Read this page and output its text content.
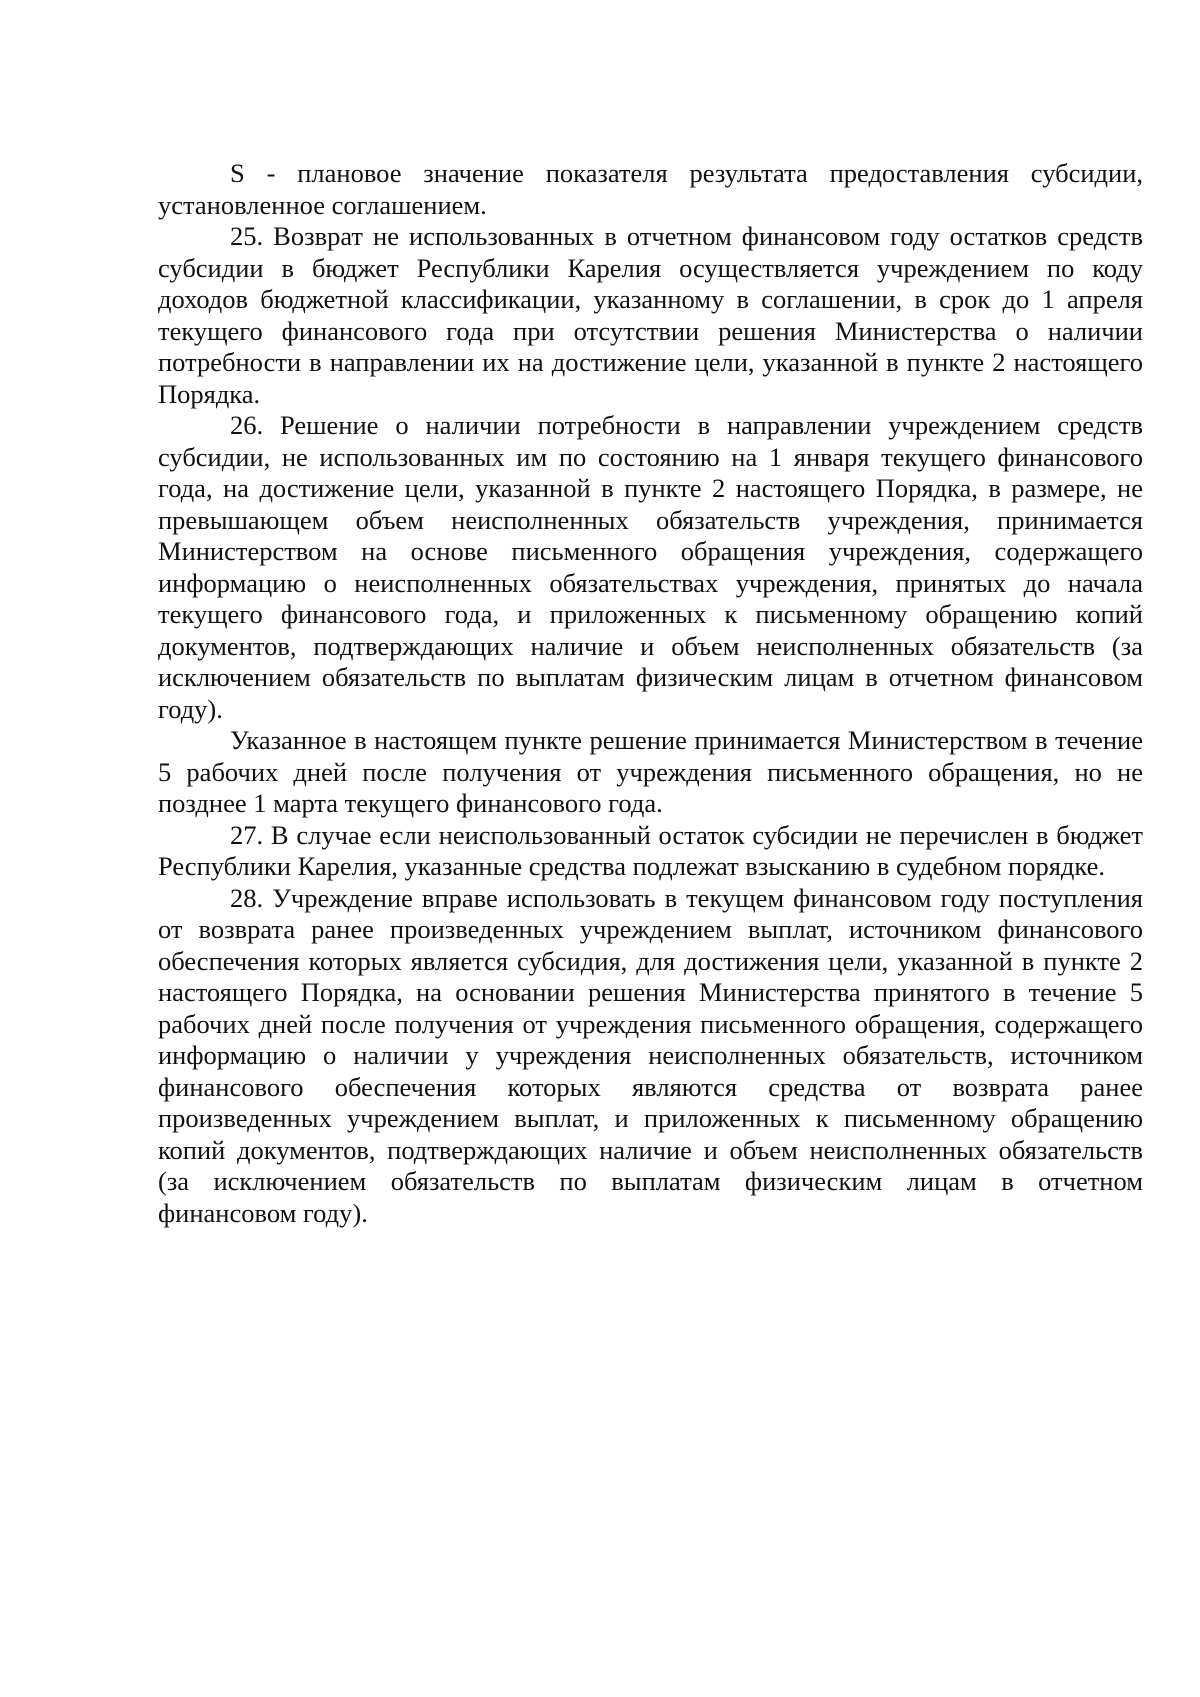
S - плановое значение показателя результата предоставления субсидии, установленное соглашением.

25. Возврат не использованных в отчетном финансовом году остатков средств субсидии в бюджет Республики Карелия осуществляется учреждением по коду доходов бюджетной классификации, указанному в соглашении, в срок до 1 апреля текущего финансового года при отсутствии решения Министерства о наличии потребности в направлении их на достижение цели, указанной в пункте 2 настоящего Порядка.

26. Решение о наличии потребности в направлении учреждением средств субсидии, не использованных им по состоянию на 1 января текущего финансового года, на достижение цели, указанной в пункте 2 настоящего Порядка, в размере, не превышающем объем неисполненных обязательств учреждения, принимается Министерством на основе письменного обращения учреждения, содержащего информацию о неисполненных обязательствах учреждения, принятых до начала текущего финансового года, и приложенных к письменному обращению копий документов, подтверждающих наличие и объем неисполненных обязательств (за исключением обязательств по выплатам физическим лицам в отчетном финансовом году).

Указанное в настоящем пункте решение принимается Министерством в течение 5 рабочих дней после получения от учреждения письменного обращения, но не позднее 1 марта текущего финансового года.

27. В случае если неиспользованный остаток субсидии не перечислен в бюджет Республики Карелия, указанные средства подлежат взысканию в судебном порядке.

28. Учреждение вправе использовать в текущем финансовом году поступления от возврата ранее произведенных учреждением выплат, источником финансового обеспечения которых является субсидия, для достижения цели, указанной в пункте 2 настоящего Порядка, на основании решения Министерства принятого в течение 5 рабочих дней после получения от учреждения письменного обращения, содержащего информацию о наличии у учреждения неисполненных обязательств, источником финансового обеспечения которых являются средства от возврата ранее произведенных учреждением выплат, и приложенных к письменному обращению копий документов, подтверждающих наличие и объем неисполненных обязательств (за исключением обязательств по выплатам физическим лицам в отчетном финансовом году).
